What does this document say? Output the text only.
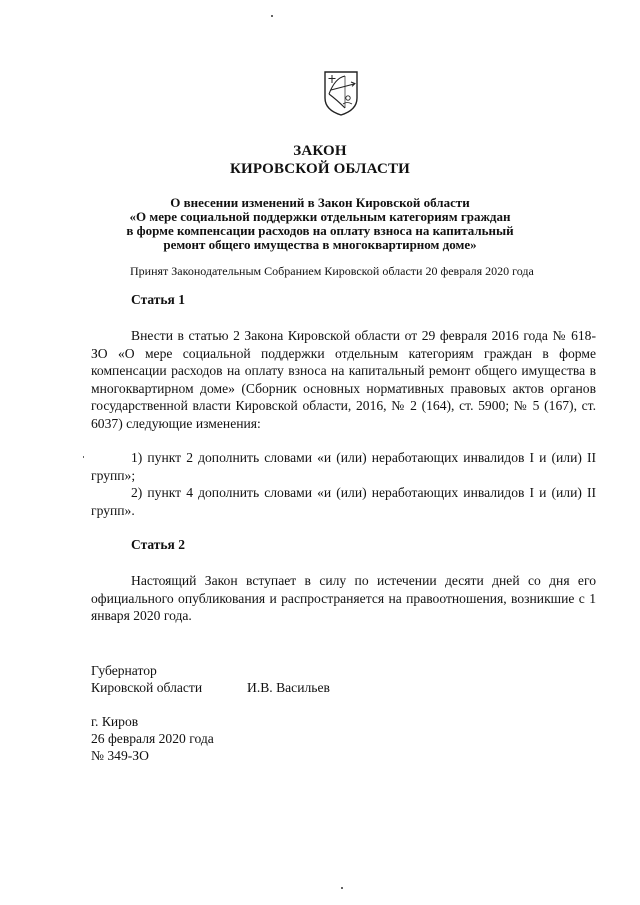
ЗАКОН
КИРОВСКОЙ ОБЛАСТИ
О внесении изменений в Закон Кировской области
«О мере социальной поддержки отдельным категориям граждан
в форме компенсации расходов на оплату взноса на капитальный
ремонт общего имущества в многоквартирном доме»
Принят Законодательным Собранием Кировской области 20 февраля 2020 года
Статья 1

Внести в статью 2 Закона Кировской области от 29 февраля 2016 года № 618-ЗО «О мере социальной поддержки отдельным категориям граждан в форме компенсации расходов на оплату взноса на капитальный ремонт общего имущества в многоквартирном доме» (Сборник основных нормативных правовых актов органов государственной власти Кировской области, 2016, № 2 (164), ст. 5900; № 5 (167), ст. 6037) следующие изменения:

1) пункт 2 дополнить словами «и (или) неработающих инвалидов I и (или) II групп»;

2) пункт 4 дополнить словами «и (или) неработающих инвалидов I и (или) II групп».

Статья 2

Настоящий Закон вступает в силу по истечении десяти дней со дня его официального опубликования и распространяется на правоотношения, возникшие с 1 января 2020 года.

Губернатор
Кировской области	И.В. Васильев
г. Киров
26 февраля 2020 года
№ 349-ЗО
